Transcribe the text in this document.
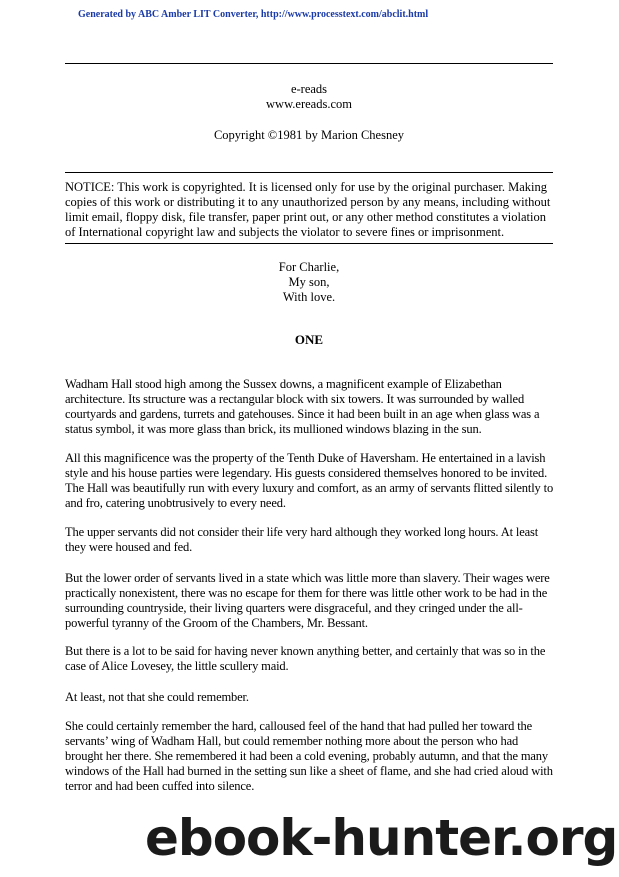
Generated by ABC Amber LIT Converter, http://www.processtext.com/abclit.html
e-reads
www.ereads.com
Copyright ©1981 by Marion Chesney
NOTICE: This work is copyrighted. It is licensed only for use by the original purchaser. Making copies of this work or distributing it to any unauthorized person by any means, including without limit email, floppy disk, file transfer, paper print out, or any other method constitutes a violation of International copyright law and subjects the violator to severe fines or imprisonment.
For Charlie,
My son,
With love.
ONE

Wadham Hall stood high among the Sussex downs, a magnificent example of Elizabethan architecture. Its structure was a rectangular block with six towers. It was surrounded by walled courtyards and gardens, turrets and gatehouses. Since it had been built in an age when glass was a status symbol, it was more glass than brick, its mullioned windows blazing in the sun.

All this magnificence was the property of the Tenth Duke of Haversham. He entertained in a lavish style and his house parties were legendary. His guests considered themselves honored to be invited. The Hall was beautifully run with every luxury and comfort, as an army of servants flitted silently to and fro, catering unobtrusively to every need.

The upper servants did not consider their life very hard although they worked long hours. At least they were housed and fed.

But the lower order of servants lived in a state which was little more than slavery. Their wages were practically nonexistent, there was no escape for them for there was little other work to be had in the surrounding countryside, their living quarters were disgraceful, and they cringed under the all-powerful tyranny of the Groom of the Chambers, Mr. Bessant.

But there is a lot to be said for having never known anything better, and certainly that was so in the case of Alice Lovesey, the little scullery maid.

At least, not that she could remember.

She could certainly remember the hard, calloused feel of the hand that had pulled her toward the servants’ wing of Wadham Hall, but could remember nothing more about the person who had brought her there. She remembered it had been a cold evening, probably autumn, and that the many windows of the Hall had burned in the setting sun like a sheet of flame, and she had cried aloud with terror and had been cuffed into silence.

ebook-hunter.org
